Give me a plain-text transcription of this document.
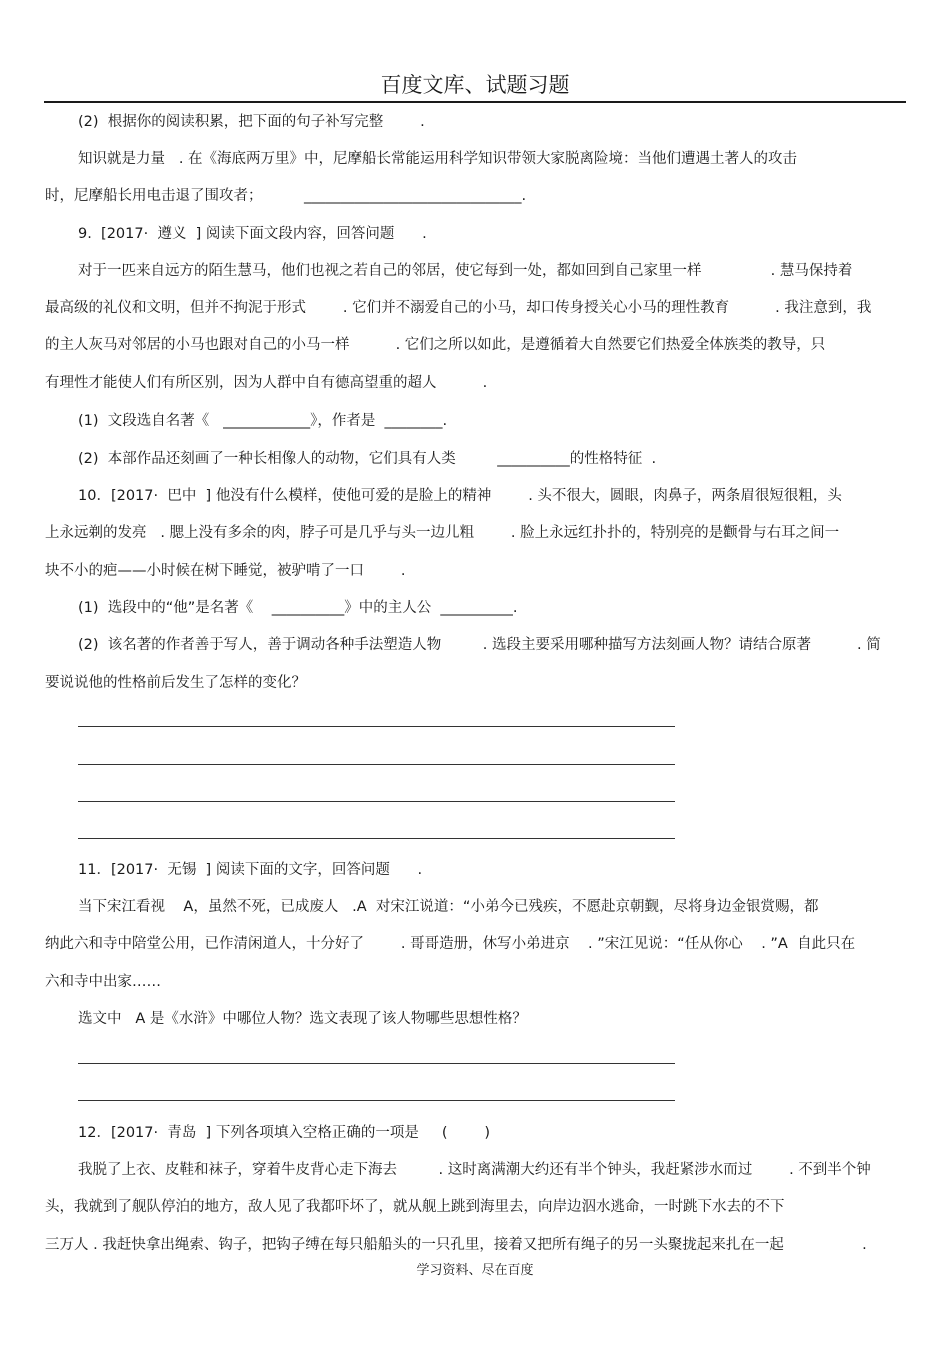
百度文库、试题习题
(2)  根据你的阅读积累，把下面的句子补写完整        .
知识就是力量   . 在《海底两万里》中，尼摩船长常能运用科学知识带领大家脱离险境：当他们遭遇土著人的攻击
时，尼摩船长用电击退了围攻者；         ______________________________.
9.  [2017·  遵义  ] 阅读下面文段内容，回答问题      .
对于一匹来自远方的陌生慧马，他们也视之若自己的邻居，使它每到一处，都如回到自己家里一样               . 慧马保持着
最高级的礼仪和文明，但并不拘泥于形式        . 它们并不溺爱自己的小马，却口传身授关心小马的理性教育          . 我注意到，我
的主人灰马对邻居的小马也跟对自己的小马一样          . 它们之所以如此，是遵循着大自然要它们热爱全体族类的教导，只
有理性才能使人们有所区别，因为人群中自有德高望重的超人          .
(1)  文段选自名著《   ____________》，作者是  ________.
(2)  本部作品还刻画了一种长相像人的动物，它们具有人类         __________的性格特征  .
10．[2017·  巴中  ] 他没有什么模样，使他可爱的是脸上的精神        . 头不很大，圆眼，肉鼻子，两条眉很短很粗，头
上永远剃的发亮   . 腮上没有多余的肉，脖子可是几乎与头一边儿粗        . 脸上永远红扑扑的，特别亮的是颧骨与右耳之间一
块不小的疤——小时候在树下睡觉，被驴啃了一口        .
(1)  选段中的“他”是名著《    __________》中的主人公  __________.
(2)  该名著的作者善于写人，善于调动各种手法塑造人物         . 选段主要采用哪种描写方法刻画人物？请结合原著          . 简
要说说他的性格前后发生了怎样的变化？
11．[2017·  无锡  ] 阅读下面的文字，回答问题      .
当下宋江看视    A，虽然不死，已成废人   .A  对宋江说道：“小弟今已残疾，不愿赴京朝觐，尽将身边金银赏赐，都
纳此六和寺中陪堂公用，已作清闲道人，十分好了        . 哥哥造册，休写小弟进京    . ”宋江见说：“任从你心    . ”A  自此只在
六和寺中出家……
选文中   A 是《水浒》中哪位人物？选文表现了该人物哪些思想性格？
12．[2017·  青岛  ] 下列各项填入空格正确的一项是     (        )
我脱了上衣、皮鞋和袜子，穿着牛皮背心走下海去         . 这时离满潮大约还有半个钟头，我赶紧涉水而过        . 不到半个钟
头，我就到了舰队停泊的地方，敌人见了我都吓坏了，就从舰上跳到海里去，向岸边泅水逃命，一时跳下水去的不下
三万人 . 我赶快拿出绳索、钩子，把钩子缚在每只船船头的一只孔里，接着又把所有绳子的另一头聚拢起来扎在一起                 .
学习资料、尽在百度
